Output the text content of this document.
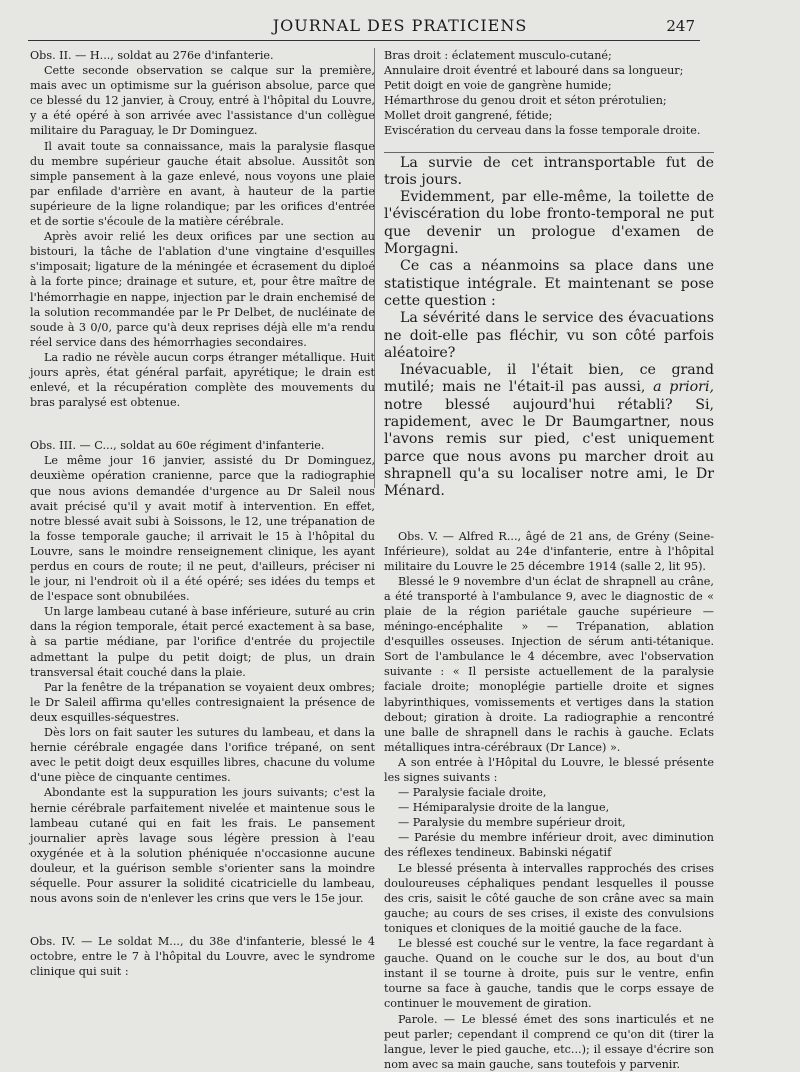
JOURNAL DES PRATICIENS	247

Obs. II. — H..., soldat au 276e d'infanterie.

Cette seconde observation se calque sur la première, mais avec un optimisme sur la guérison absolue, parce que ce blessé du 12 janvier, à Crouy, entré à l'hôpital du Louvre, y a été opéré à son arrivée avec l'assistance d'un collègue militaire du Paraguay, le Dr Dominguez.

Il avait toute sa connaissance, mais la paralysie flasque du membre supérieur gauche était absolue. Aussitôt son simple pansement à la gaze enlevé, nous voyons une plaie par enfilade d'arrière en avant, à hauteur de la partie supérieure de la ligne rolandique; par les orifices d'entrée et de sortie s'écoule de la matière cérébrale.

Après avoir relié les deux orifices par une section au bistouri, la tâche de l'ablation d'une vingtaine d'esquilles s'imposait; ligature de la méningée et écrasement du diploé à la forte pince; drainage et suture, et, pour être maître de l'hémorrhagie en nappe, injection par le drain enchemisé de la solution recommandée par le Pr Delbet, de nucléinate de soude à 3 0/0, parce qu'à deux reprises déjà elle m'a rendu réel service dans des hémorrhagies secondaires.

La radio ne révèle aucun corps étranger métallique. Huit jours après, état général parfait, apyrétique; le drain est enlevé, et la récupération complète des mouvements du bras paralysé est obtenue.

Obs. III. — C..., soldat au 60e régiment d'infanterie.

Le même jour 16 janvier, assisté du Dr Dominguez, deuxième opération cranienne, parce que la radiographie que nous avions demandée d'urgence au Dr Saleil nous avait précisé qu'il y avait motif à intervention. En effet, notre blessé avait subi à Soissons, le 12, une trépanation de la fosse temporale gauche; il arrivait le 15 à l'hôpital du Louvre, sans le moindre renseignement clinique, les ayant perdus en cours de route; il ne peut, d'ailleurs, préciser ni le jour, ni l'endroit où il a été opéré; ses idées du temps et de l'espace sont obnubilées.

Un large lambeau cutané à base inférieure, suturé au crin dans la région temporale, était percé exactement à sa base, à sa partie médiane, par l'orifice d'entrée du projectile admettant la pulpe du petit doigt; de plus, un drain transversal était couché dans la plaie.

Par la fenêtre de la trépanation se voyaient deux ombres; le Dr Saleil affirma qu'elles contresignaient la présence de deux esquilles-séquestres.

Dès lors on fait sauter les sutures du lambeau, et dans la hernie cérébrale engagée dans l'orifice trépané, on sent avec le petit doigt deux esquilles libres, chacune du volume d'une pièce de cinquante centimes.

Abondante est la suppuration les jours suivants; c'est la hernie cérébrale parfaitement nivelée et maintenue sous le lambeau cutané qui en fait les frais. Le pansement journalier après lavage sous légère pression à l'eau oxygénée et à la solution phéniquée n'occasionne aucune douleur, et la guérison semble s'orienter sans la moindre séquelle. Pour assurer la solidité cicatricielle du lambeau, nous avons soin de n'enlever les crins que vers le 15e jour.

Obs. IV. — Le soldat M..., du 38e d'infanterie, blessé le 4 octobre, entre le 7 à l'hôpital du Louvre, avec le syndrome clinique qui suit :

Bras droit : éclatement musculo-cutané;

Annulaire droit éventré et labouré dans sa longueur;

Petit doigt en voie de gangrène humide;

Hémarthrose du genou droit et séton prérotulien;

Mollet droit gangrené, fétide;

Eviscération du cerveau dans la fosse temporale droite.

La survie de cet intransportable fut de trois jours.

Evidemment, par elle-même, la toilette de l'éviscération du lobe fronto-temporal ne put que devenir un prologue d'examen de Morgagni.

Ce cas a néanmoins sa place dans une statistique intégrale. Et maintenant se pose cette question :

La sévérité dans le service des évacuations ne doit-elle pas fléchir, vu son côté parfois aléatoire?

Inévacuable, il l'était bien, ce grand mutilé; mais ne l'était-il pas aussi, a priori, notre blessé aujourd'hui rétabli? Si, rapidement, avec le Dr Baumgartner, nous l'avons remis sur pied, c'est uniquement parce que nous avons pu marcher droit au shrapnell qu'a su localiser notre ami, le Dr Ménard.

Obs. V. — Alfred R..., âgé de 21 ans, de Grény (Seine-Inférieure), soldat au 24e d'infanterie, entre à l'hôpital militaire du Louvre le 25 décembre 1914 (salle 2, lit 95).

Blessé le 9 novembre d'un éclat de shrapnell au crâne, a été transporté à l'ambulance 9, avec le diagnostic de « plaie de la région pariétale gauche supérieure — méningo-encéphalite » — Trépanation, ablation d'esquilles osseuses. Injection de sérum anti-tétanique. Sort de l'ambulance le 4 décembre, avec l'observation suivante : « Il persiste actuellement de la paralysie faciale droite; monoplégie partielle droite et signes labyrinthiques, vomissements et vertiges dans la station debout; giration à droite. La radiographie a rencontré une balle de shrapnell dans le rachis à gauche. Eclats métalliques intra-cérébraux (Dr Lance) ».

A son entrée à l'Hôpital du Louvre, le blessé présente les signes suivants :

— Paralysie faciale droite,

— Hémiparalysie droite de la langue,

— Paralysie du membre supérieur droit,

— Parésie du membre inférieur droit, avec diminution des réflexes tendineux. Babinski négatif

Le blessé présenta à intervalles rapprochés des crises douloureuses céphaliques pendant lesquelles il pousse des cris, saisit le côté gauche de son crâne avec sa main gauche; au cours de ses crises, il existe des convulsions toniques et cloniques de la moitié gauche de la face.

Le blessé est couché sur le ventre, la face regardant à gauche. Quand on le couche sur le dos, au bout d'un instant il se tourne à droite, puis sur le ventre, enfin tourne sa face à gauche, tandis que le corps essaye de continuer le mouvement de giration.

Parole. — Le blessé émet des sons inarticulés et ne peut parler; cependant il comprend ce qu'on dit (tirer la langue, lever le pied gauche, etc...); il essaye d'écrire son nom avec sa main gauche, sans toutefois y parvenir.
